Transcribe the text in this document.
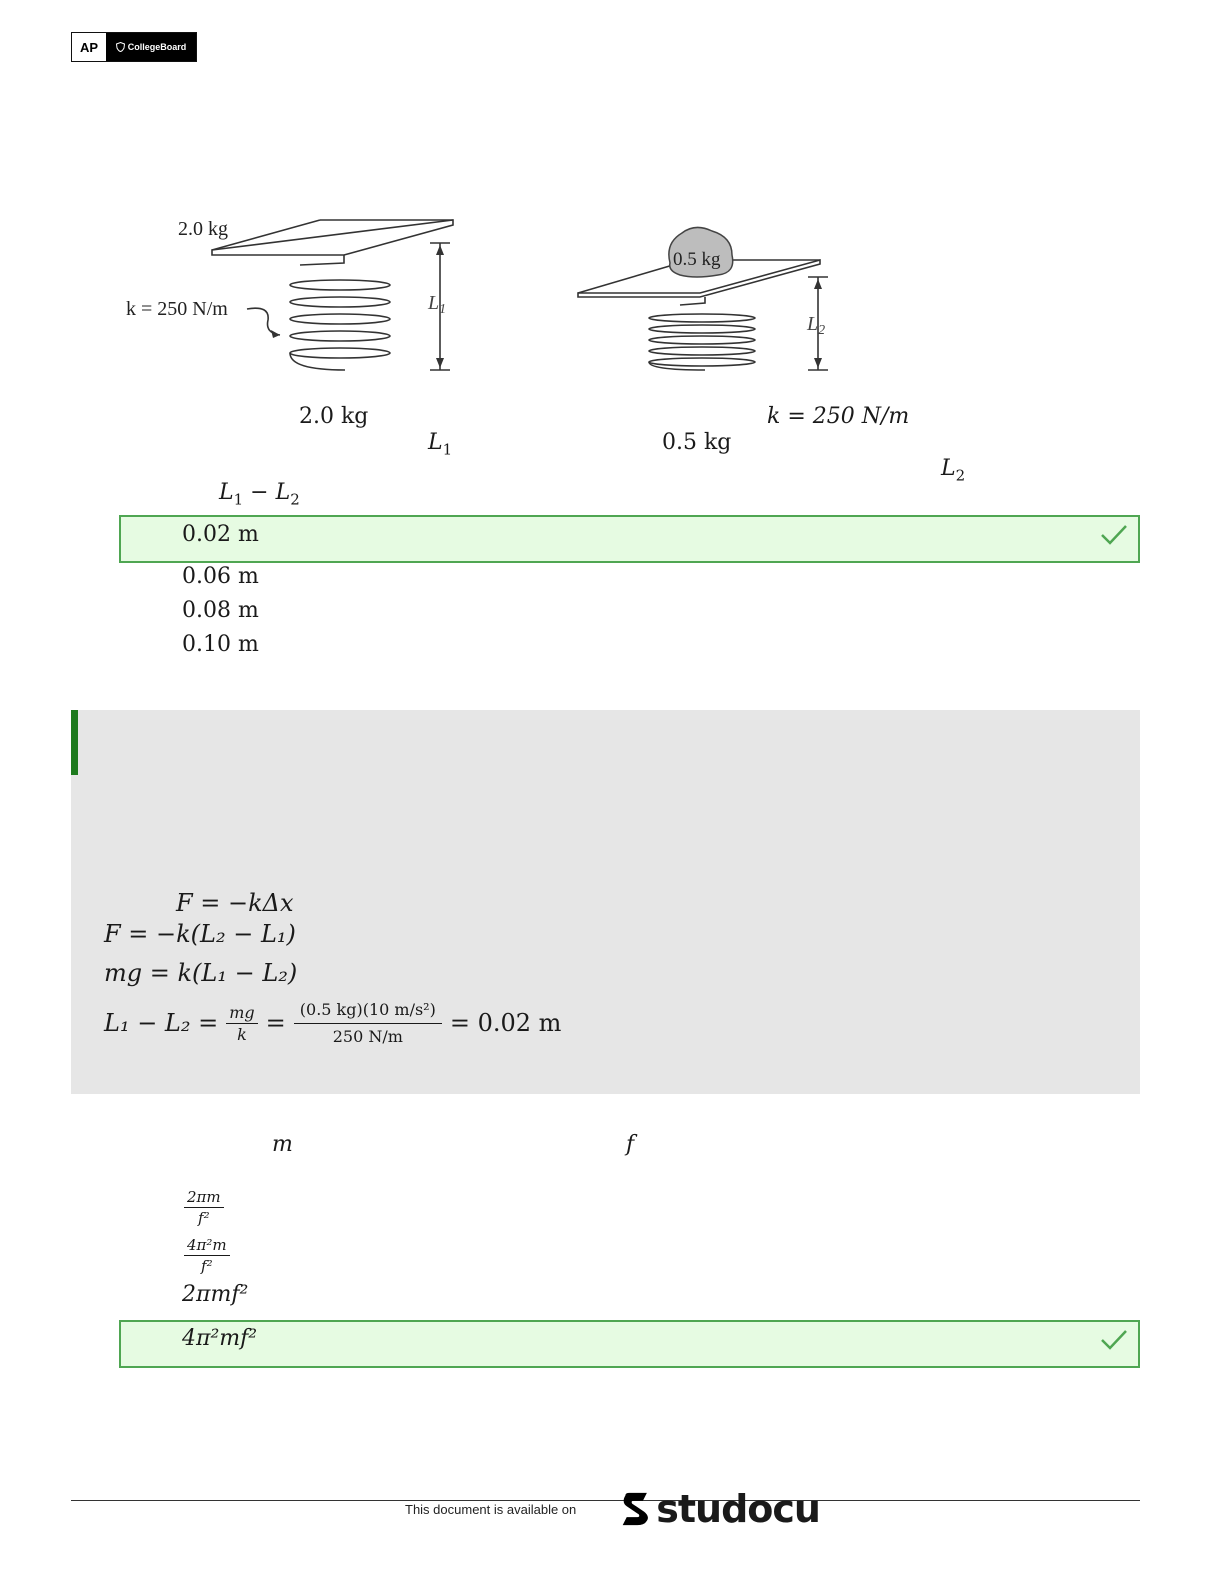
AP	CollegeBoard
2.0 kg
k = 250 N/m	$L_1$
0.5 kg
$L_2$
2.0 kg
$L_1$	0.5 kg
k = 250 N/m
$L_2$
$L_1 - L_2$
0.02 m
0.06 m
0.08 m
0.10 m
F = −kΔx
F = −k(L₂ − L₁)
mg = k(L₁ − L₂)
$L_1 - L_2 = \frac{mg}{k} = \frac{\text{(0.5 kg)(10 m/s²)}}{250 N/m} = 0.02$ m
m	f
$\frac{2\pi m}{\text{f²}}$
$\frac{\text{4π²m}}{\text{f²}}$
2πmf²
4π²mf²
This document is available on studocu
